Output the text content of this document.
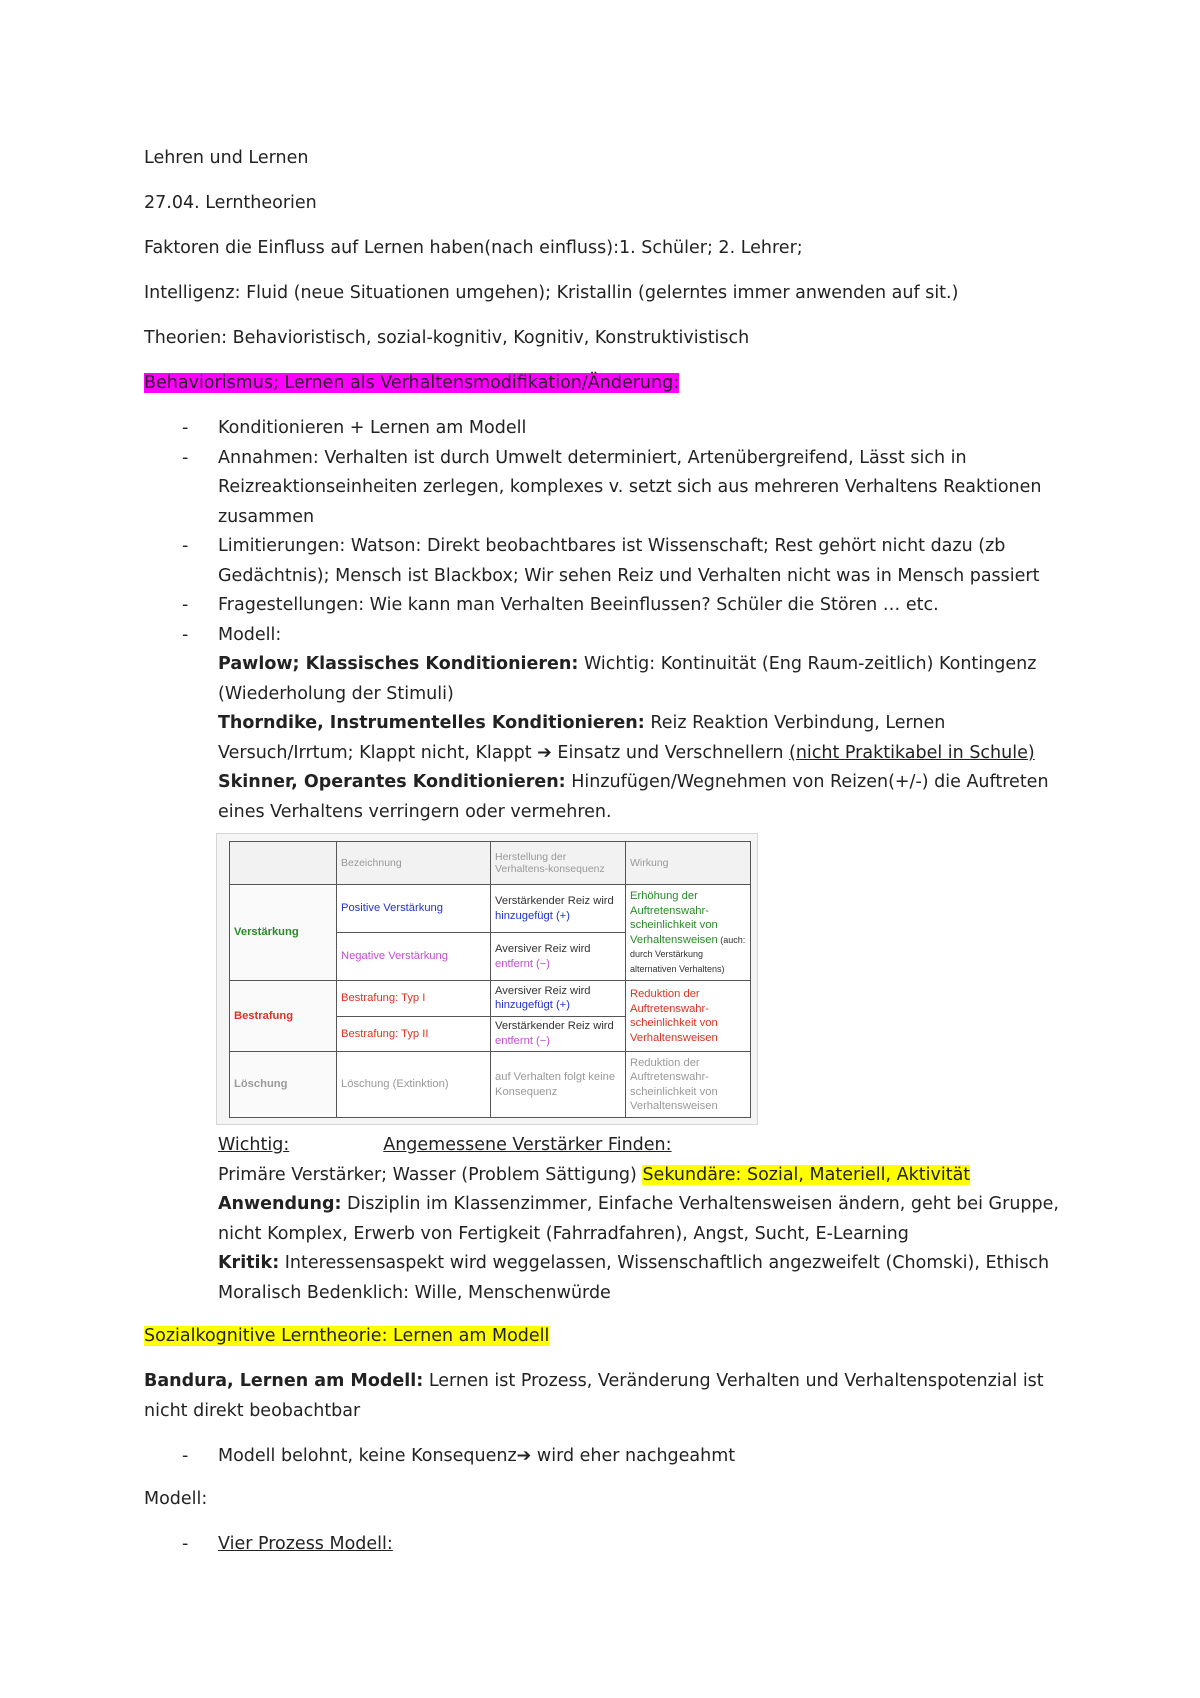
Lehren und Lernen

27.04. Lerntheorien

Faktoren die Einfluss auf Lernen haben(nach einfluss):1. Schüler; 2. Lehrer;

Intelligenz: Fluid (neue Situationen umgehen); Kristallin (gelerntes immer anwenden auf sit.)

Theorien: Behavioristisch, sozial-kognitiv, Kognitiv, Konstruktivistisch

Behaviorismus; Lernen als Verhaltensmodifikation/Änderung:

- Konditionieren + Lernen am Modell
- Annahmen: Verhalten ist durch Umwelt determiniert, Artenübergreifend, Lässt sich in Reizreaktionseinheiten zerlegen, komplexes v. setzt sich aus mehreren Verhaltens Reaktionen zusammen
- Limitierungen: Watson: Direkt beobachtbares ist Wissenschaft; Rest gehört nicht dazu (zb Gedächtnis); Mensch ist Blackbox; Wir sehen Reiz und Verhalten nicht was in Mensch passiert
- Fragestellungen: Wie kann man Verhalten Beeinflussen? Schüler die Stören … etc.
- Modell:
Pawlow; Klassisches Konditionieren: Wichtig: Kontinuität (Eng Raum-zeitlich) Kontingenz (Wiederholung der Stimuli)
Thorndike, Instrumentelles Konditionieren: Reiz Reaktion Verbindung, Lernen Versuch/Irrtum; Klappt nicht, Klappt ➔ Einsatz und Verschnellern (nicht Praktikabel in Schule)
Skinner, Operantes Konditionieren: Hinzufügen/Wegnehmen von Reizen(+/-) die Auftreten eines Verhaltens verringern oder vermehren.
	Bezeichnung	Herstellung der Verhaltens-konsequenz	Wirkung
Verstärkung	Positive Verstärkung	Verstärkender Reiz wird hinzugefügt (+)	Erhöhung der Auftretenswahr-scheinlichkeit von Verhaltensweisen (auch: durch Verstärkung alternativen Verhaltens)
	Negative Verstärkung	Aversiver Reiz wird entfernt (−)	
Bestrafung	Bestrafung: Typ I	Aversiver Reiz wird hinzugefügt (+)	Reduktion der Auftretenswahr-scheinlichkeit von Verhaltensweisen
	Bestrafung: Typ II	Verstärkender Reiz wird entfernt (−)	
Löschung	Löschung (Extinktion)	auf Verhalten folgt keine Konsequenz	Reduktion der Auftretenswahr-scheinlichkeit von Verhaltensweisen
Wichtig:	Angemessene Verstärker Finden:
Primäre Verstärker; Wasser (Problem Sättigung) Sekundäre: Sozial, Materiell, Aktivität
Anwendung: Disziplin im Klassenzimmer, Einfache Verhaltensweisen ändern, geht bei Gruppe, nicht Komplex, Erwerb von Fertigkeit (Fahrradfahren), Angst, Sucht, E-Learning
Kritik: Interessensaspekt wird weggelassen, Wissenschaftlich angezweifelt (Chomski), Ethisch Moralisch Bedenklich: Wille, Menschenwürde

Sozialkognitive Lerntheorie: Lernen am Modell

Bandura, Lernen am Modell: Lernen ist Prozess, Veränderung Verhalten und Verhaltenspotenzial ist nicht direkt beobachtbar

- Modell belohnt, keine Konsequenz➔ wird eher nachgeahmt

Modell:

- Vier Prozess Modell:
